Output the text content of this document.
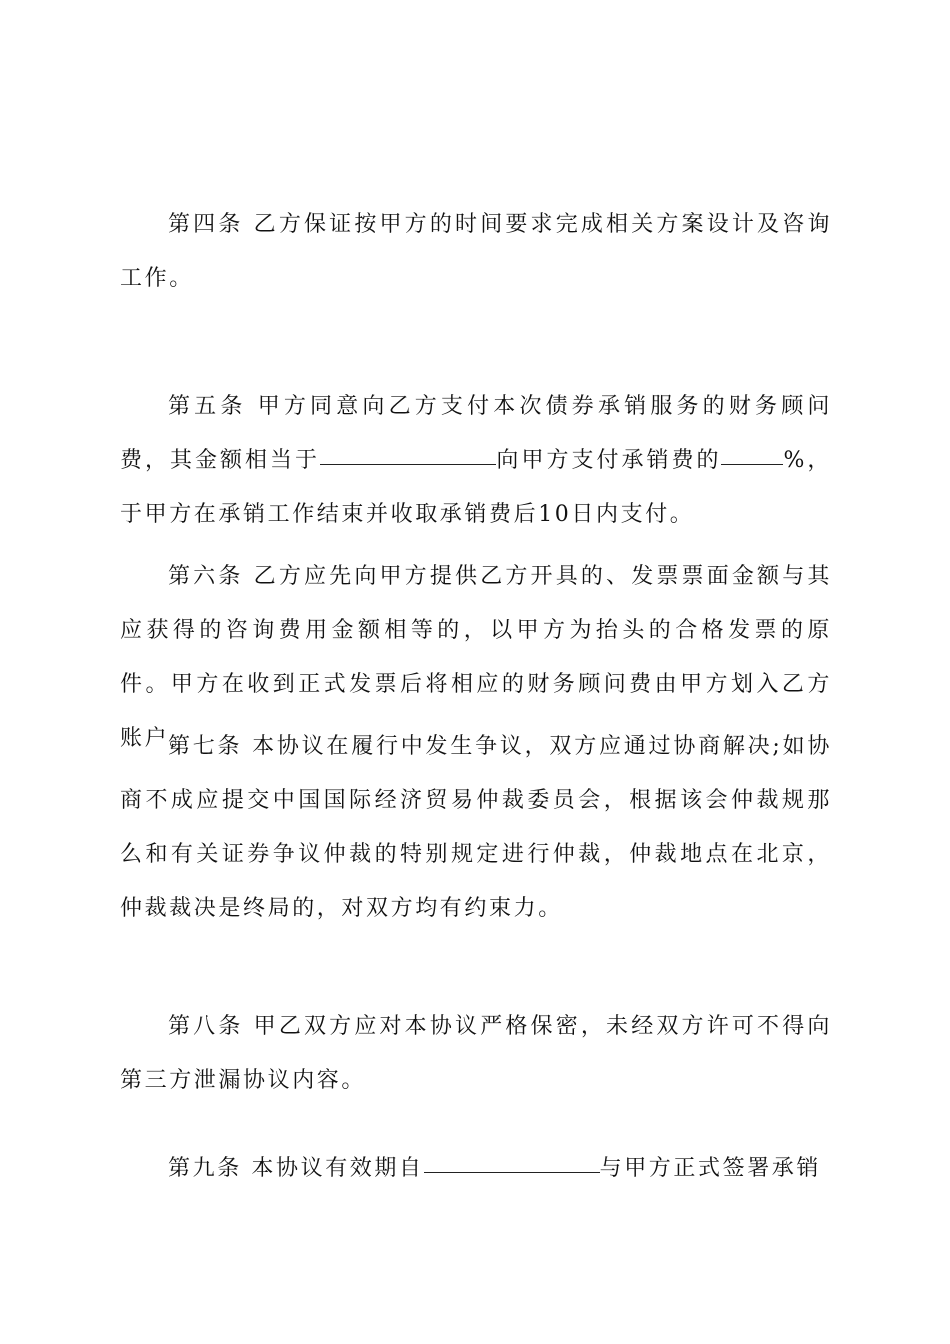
第四条 乙方保证按甲方的时间要求完成相关方案设计及咨询工作。

第五条 甲方同意向乙方支付本次债券承销服务的财务顾问费，其金额相当于	向甲方支付承销费的	%，于甲方在承销工作结束并收取承销费后10日内支付。

第六条 乙方应先向甲方提供乙方开具的、发票票面金额与其应获得的咨询费用金额相等的，以甲方为抬头的合格发票的原件。甲方在收到正式发票后将相应的财务顾问费由甲方划入乙方账户。

第七条 本协议在履行中发生争议，双方应通过协商解决;如协商不成应提交中国国际经济贸易仲裁委员会，根据该会仲裁规那么和有关证券争议仲裁的特别规定进行仲裁，仲裁地点在北京，仲裁裁决是终局的，对双方均有约束力。

第八条 甲乙双方应对本协议严格保密，未经双方许可不得向第三方泄漏协议内容。

第九条 本协议有效期自	与甲方正式签署承销
